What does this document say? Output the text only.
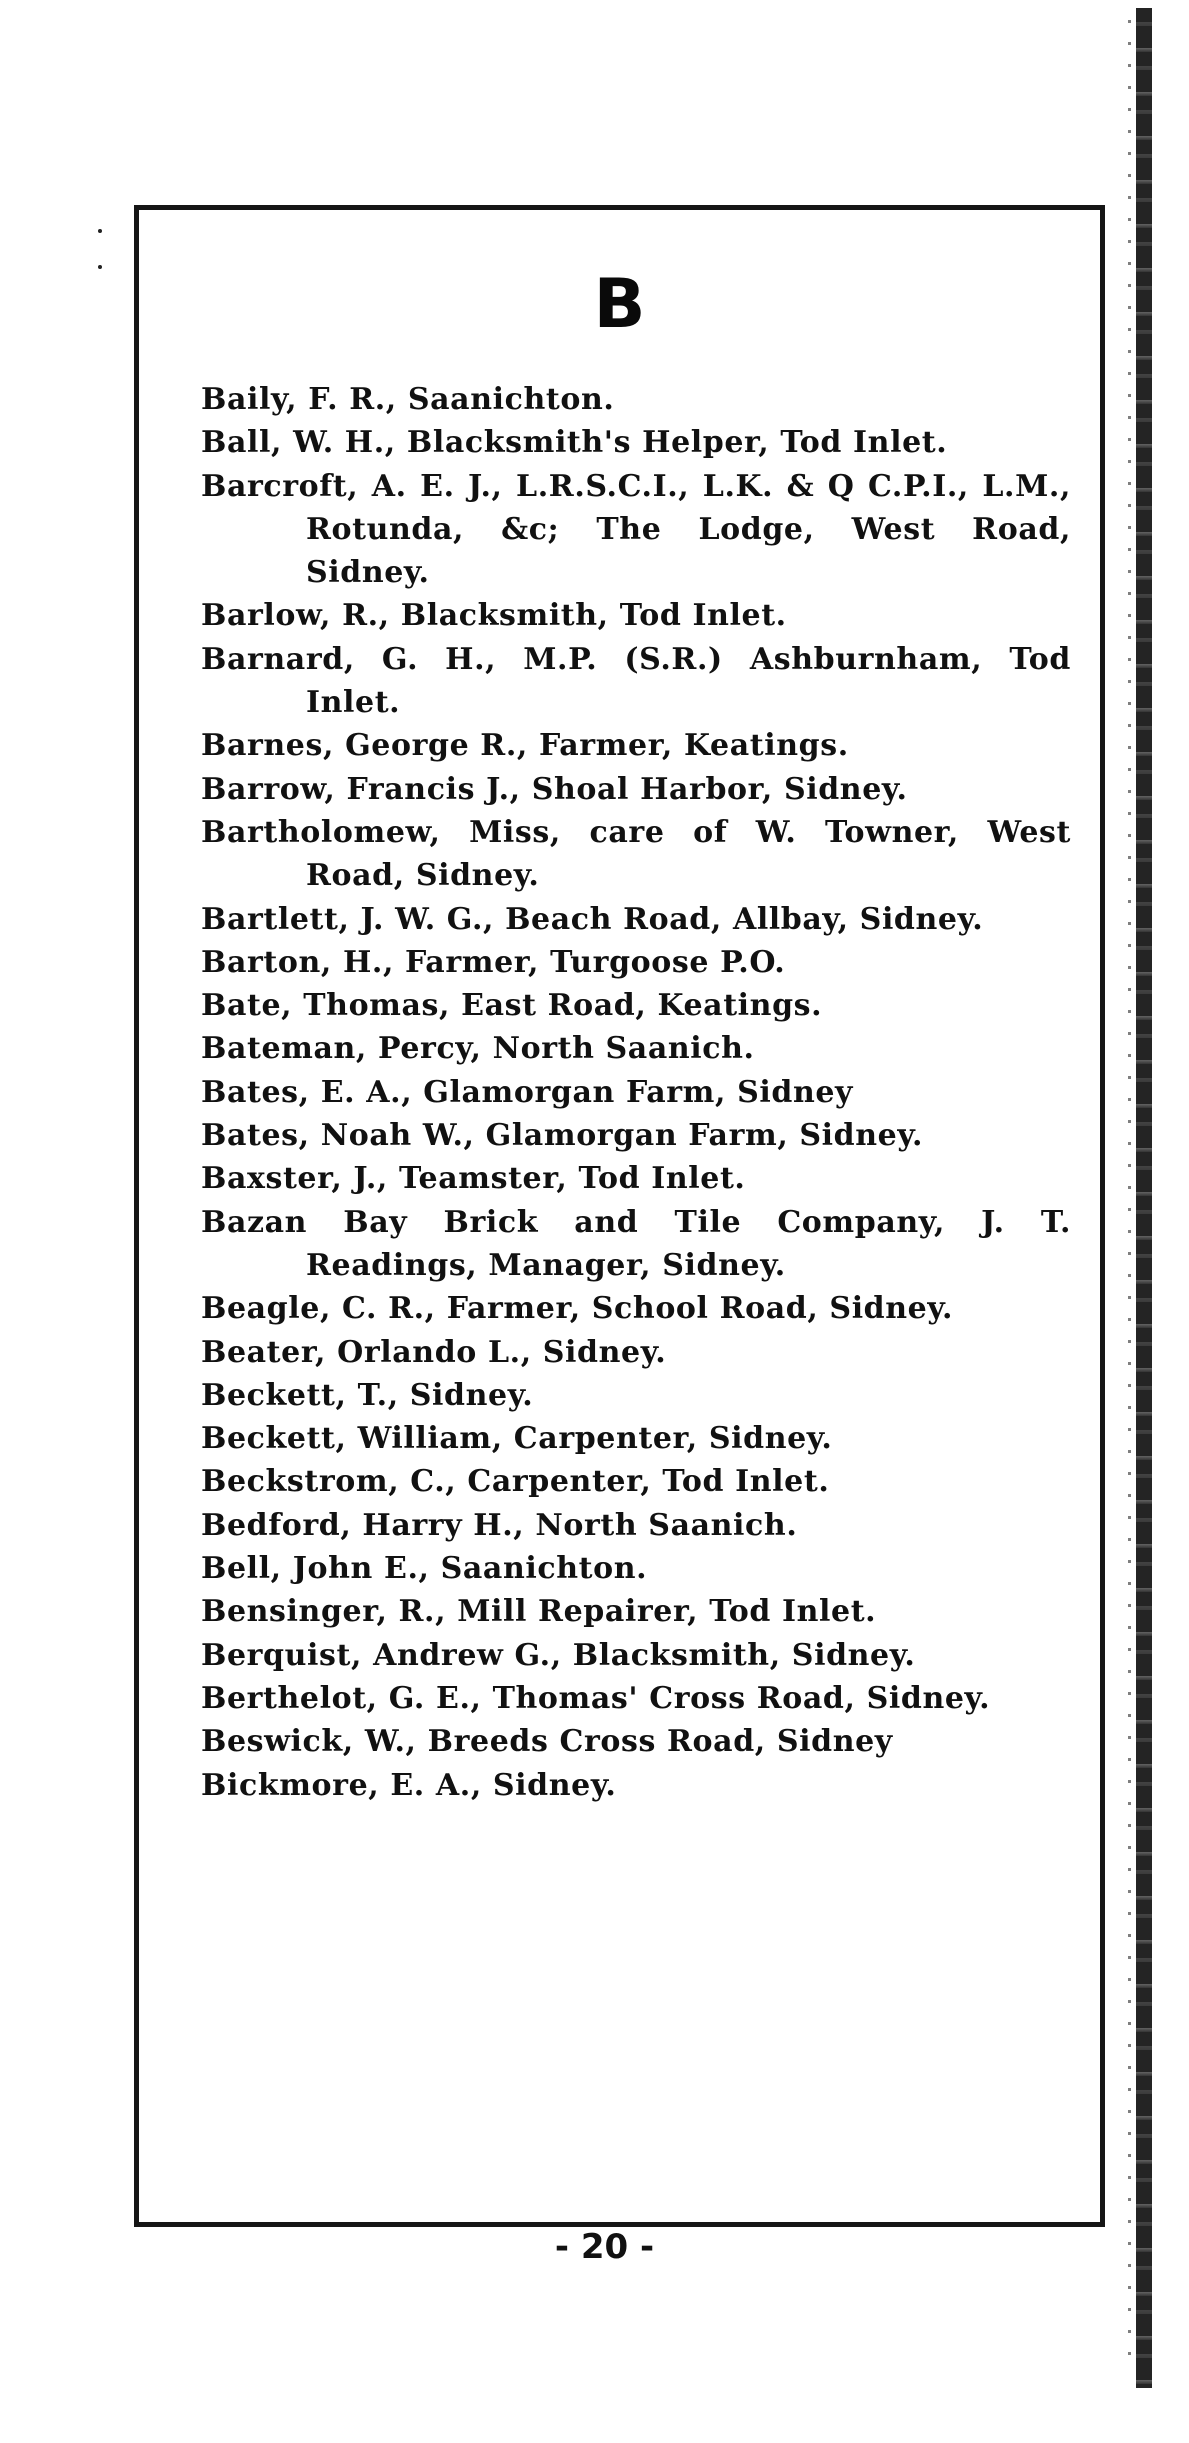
B
Baily, F. R., Saanichton.
Ball, W. H., Blacksmith's Helper, Tod Inlet.
Barcroft, A. E. J., L.R.S.C.I., L.K. & Q C.P.I., L.M., Rotunda, &c; The Lodge, West Road, Sidney.
Barlow, R., Blacksmith, Tod Inlet.
Barnard, G. H., M.P. (S.R.) Ashburnham, Tod Inlet.
Barnes, George R., Farmer, Keatings.
Barrow, Francis J., Shoal Harbor, Sidney.
Bartholomew, Miss, care of W. Towner, West Road, Sidney.
Bartlett, J. W. G., Beach Road, Allbay, Sidney.
Barton, H., Farmer, Turgoose P.O.
Bate, Thomas, East Road, Keatings.
Bateman, Percy, North Saanich.
Bates, E. A., Glamorgan Farm, Sidney
Bates, Noah W., Glamorgan Farm, Sidney.
Baxster, J., Teamster, Tod Inlet.
Bazan Bay Brick and Tile Company, J. T. Readings, Manager, Sidney.
Beagle, C. R., Farmer, School Road, Sidney.
Beater, Orlando L., Sidney.
Beckett, T., Sidney.
Beckett, William, Carpenter, Sidney.
Beckstrom, C., Carpenter, Tod Inlet.
Bedford, Harry H., North Saanich.
Bell, John E., Saanichton.
Bensinger, R., Mill Repairer, Tod Inlet.
Berquist, Andrew G., Blacksmith, Sidney.
Berthelot, G. E., Thomas' Cross Road, Sidney.
Beswick, W., Breeds Cross Road, Sidney
Bickmore, E. A., Sidney.
- 20 -
